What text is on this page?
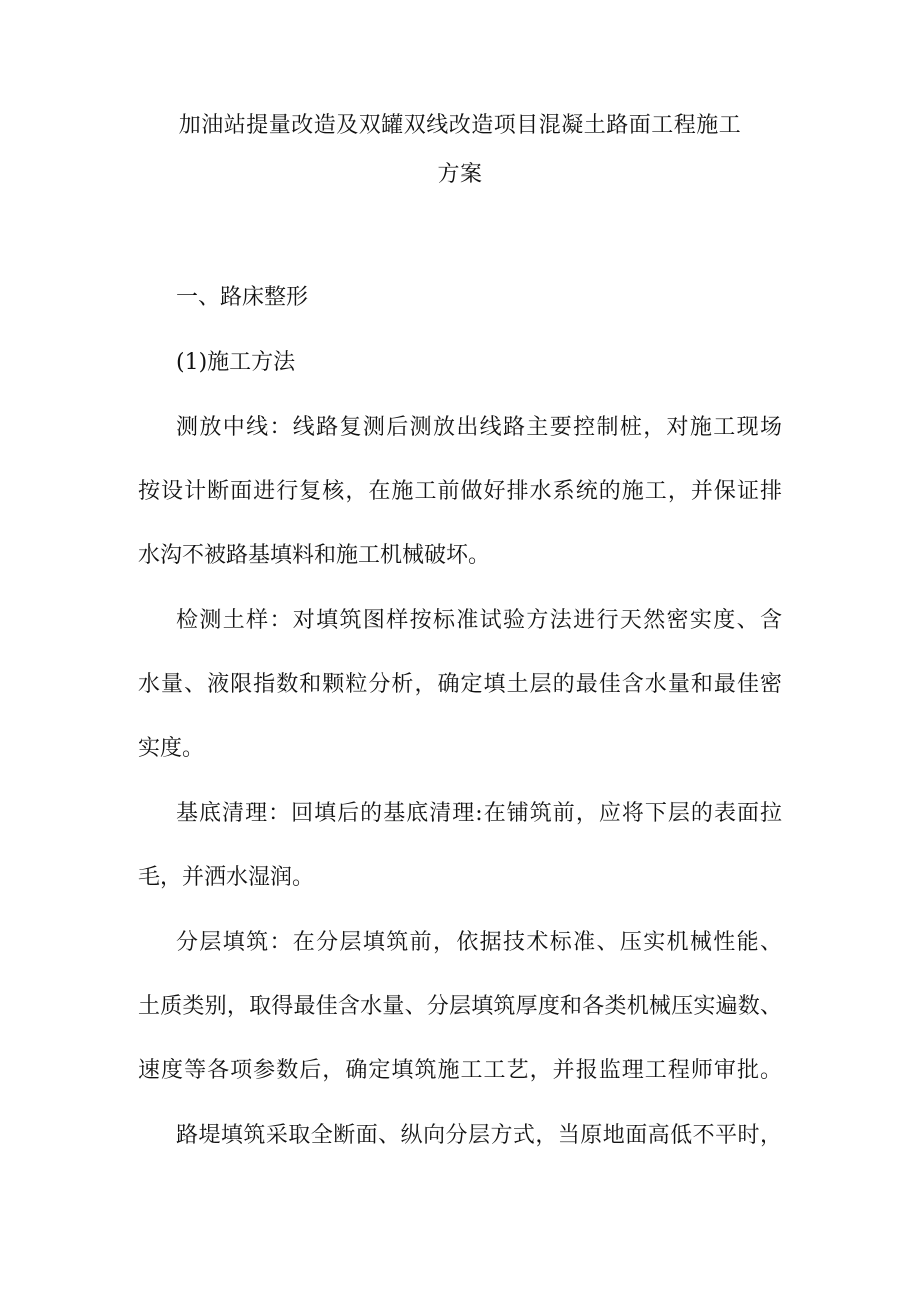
加油站提量改造及双罐双线改造项目混凝土路面工程施工
方案
一、路床整形
(1)施工方法
测放中线：线路复测后测放出线路主要控制桩，对施工现场
按设计断面进行复核，在施工前做好排水系统的施工，并保证排
水沟不被路基填料和施工机械破坏。
检测土样：对填筑图样按标准试验方法进行天然密实度、含
水量、液限指数和颗粒分析，确定填土层的最佳含水量和最佳密
实度。
基底清理：回填后的基底清理:在铺筑前，应将下层的表面拉
毛，并洒水湿润。
分层填筑：在分层填筑前，依据技术标准、压实机械性能、
土质类别，取得最佳含水量、分层填筑厚度和各类机械压实遍数、
速度等各项参数后，确定填筑施工工艺，并报监理工程师审批。
路堤填筑采取全断面、纵向分层方式，当原地面高低不平时，
